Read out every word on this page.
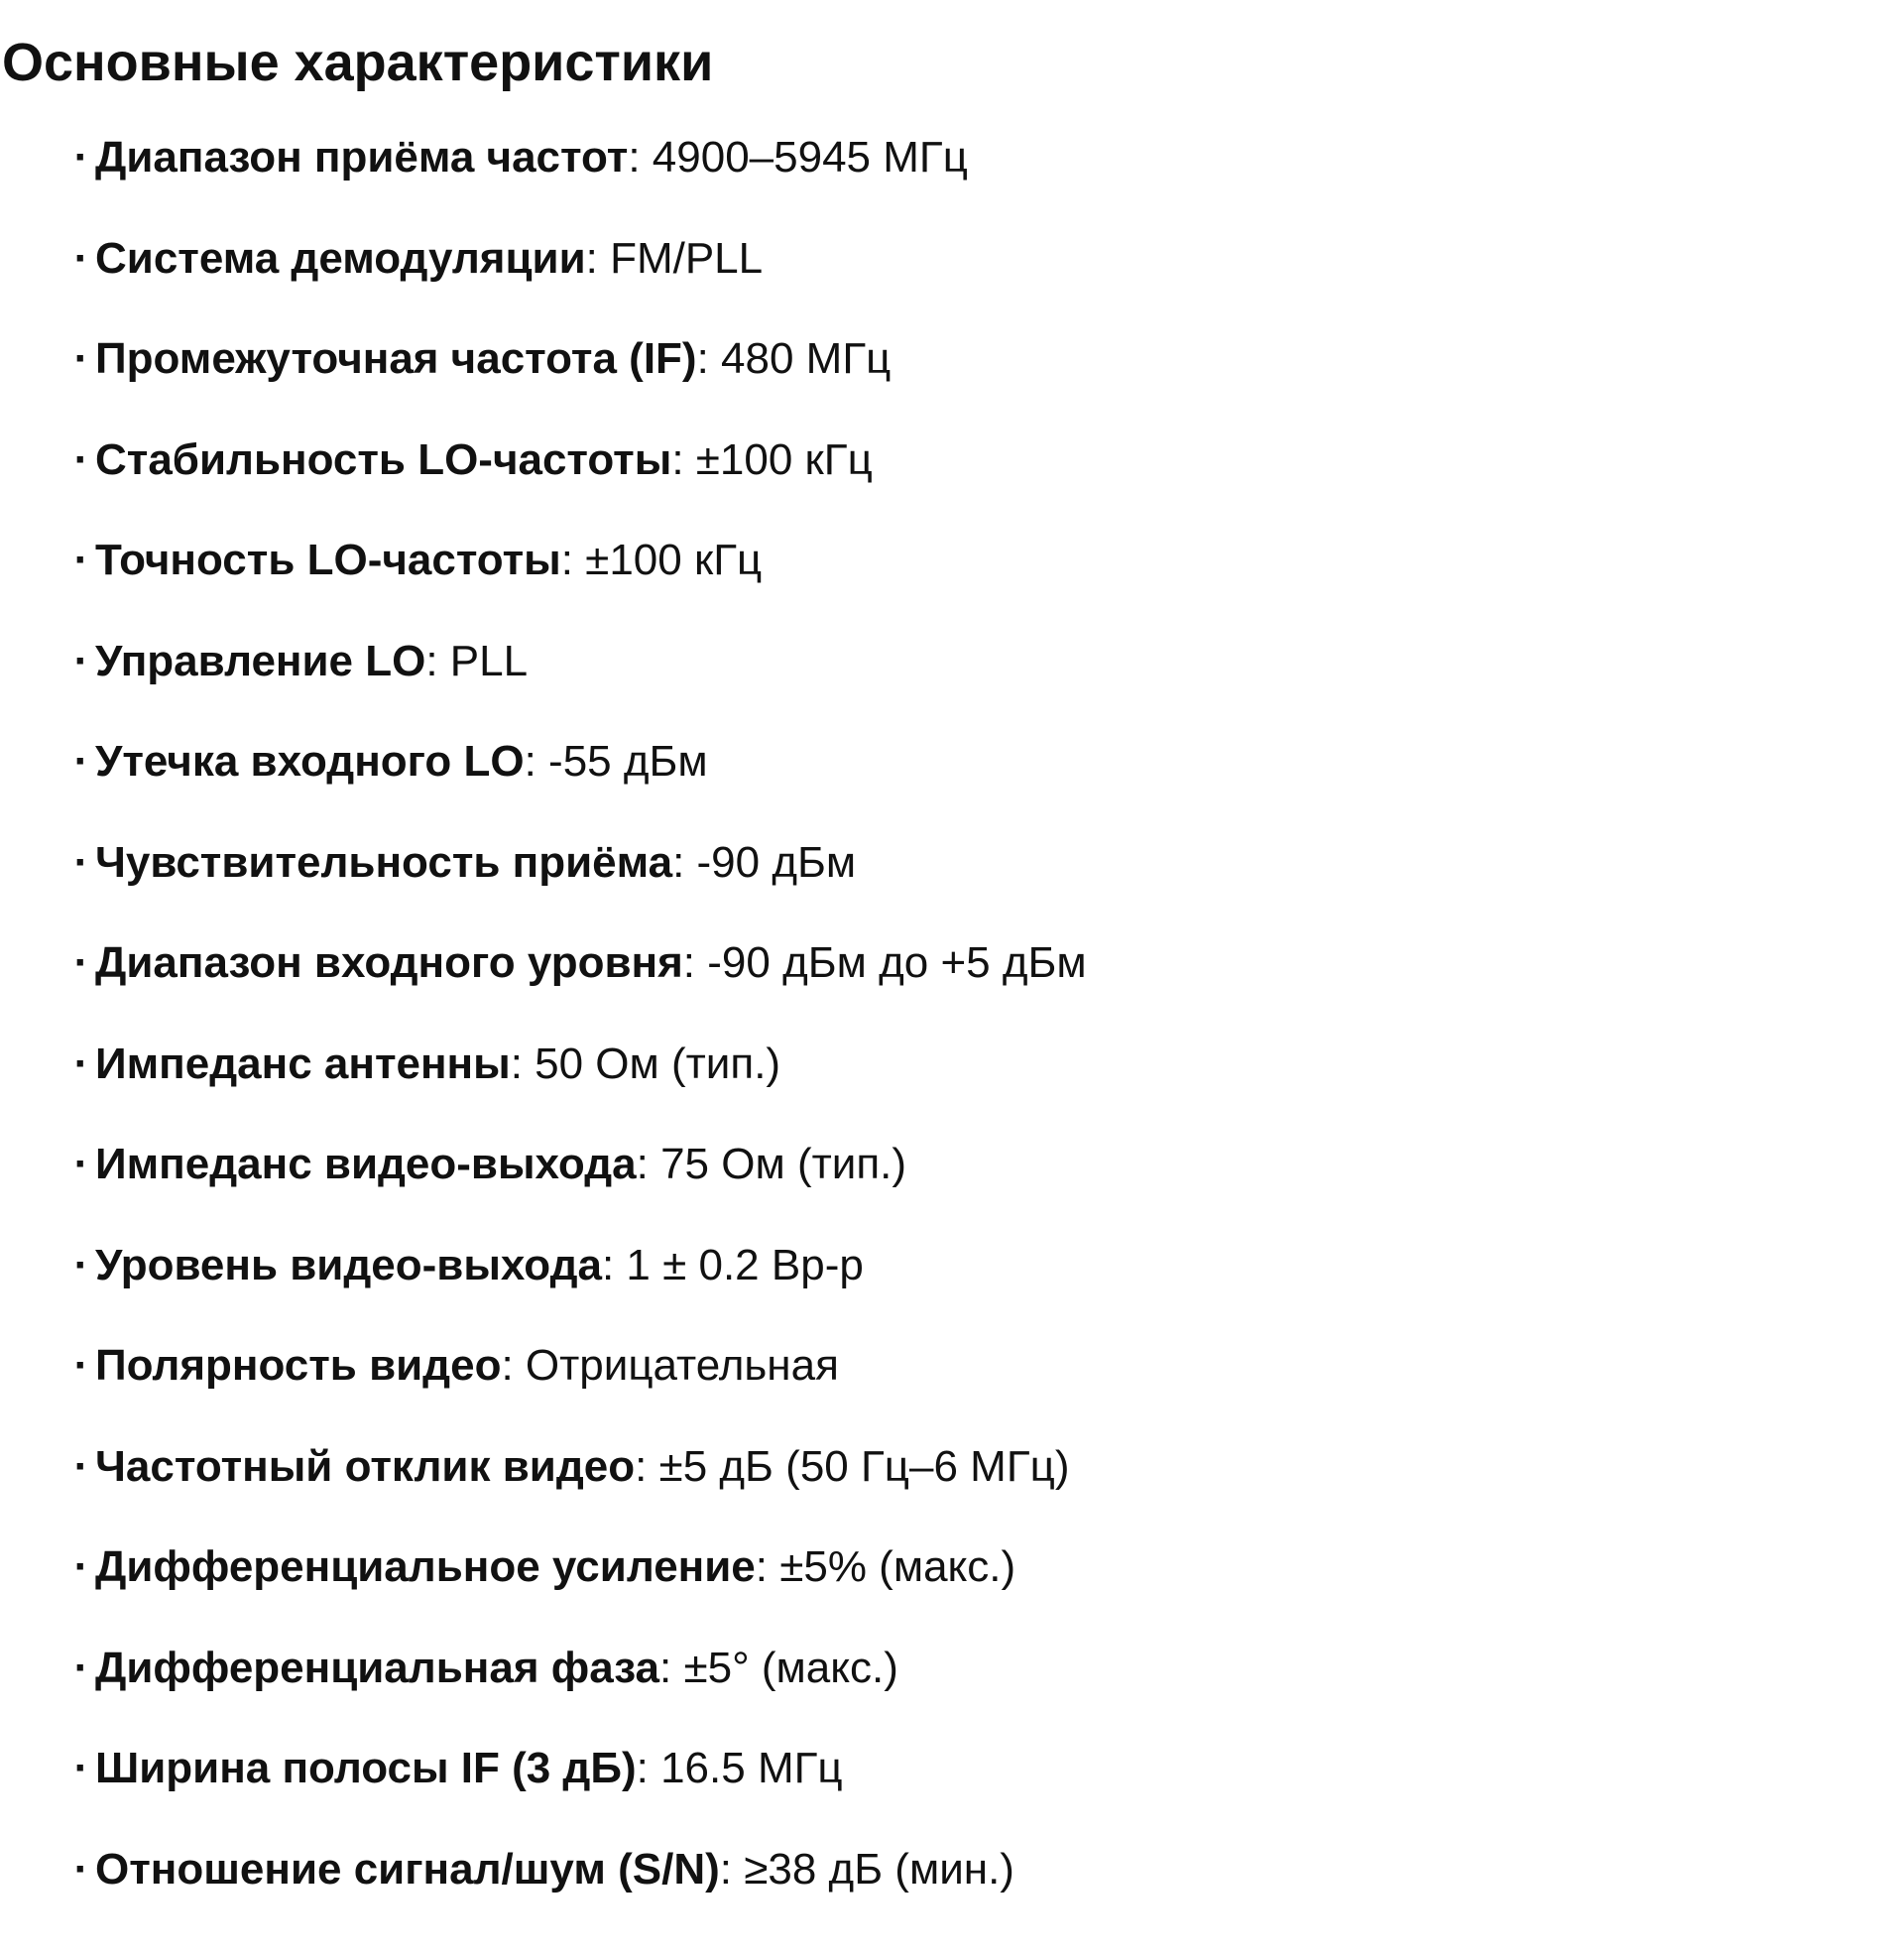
Основные характеристики
· Диапазон приёма частот : 4900–5945 МГц
· Система демодуляции : FM/PLL
· Промежуточная частота (IF) : 480 МГц
· Стабильность LO-частоты : ±100 кГц
· Точность LO-частоты : ±100 кГц
· Управление LO : PLL
· Утечка входного LO : -55 дБм
· Чувствительность приёма : -90 дБм
· Диапазон входного уровня : -90 дБм до +5 дБм
· Импеданс антенны : 50 Ом (тип.)
· Импеданс видео-выхода : 75 Ом (тип.)
· Уровень видео-выхода : 1 ± 0.2 Вр-р
· Полярность видео : Отрицательная
· Частотный отклик видео : ±5 дБ (50 Гц–6 МГц)
· Дифференциальное усиление : ±5% (макс.)
· Дифференциальная фаза : ±5° (макс.)
· Ширина полосы IF (3 дБ) : 16.5 МГц
· Отношение сигнал/шум (S/N) : ≥38 дБ (мин.)
